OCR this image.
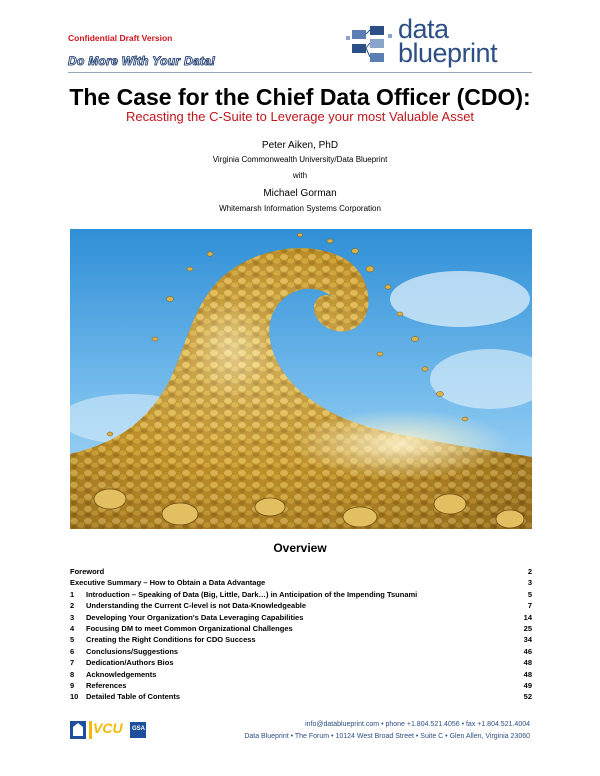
Confidential Draft Version
Do More With Your Data!
data
blueprint
The Case for the Chief Data Officer (CDO):
Recasting the C-Suite to Leverage your most Valuable Asset
Peter Aiken, PhD
Virginia Commonwealth University/Data Blueprint
with
Michael Gorman
Whitemarsh Information Systems Corporation
Overview
Foreword	2
Executive Summary – How to Obtain a Data Advantage	3
1 Introduction – Speaking of Data (Big, Little, Dark…) in Anticipation of the Impending Tsunami	5
2 Understanding the Current C-level is not Data-Knowledgeable	7
3 Developing Your Organization's Data Leveraging Capabilities	14
4 Focusing DM to meet Common Organizational Challenges	25
5 Creating the Right Conditions for CDO Success	34
6 Conclusions/Suggestions	46
7 Dedication/Authors Bios	48
8 Acknowledgements	48
9 References	49
10 Detailed Table of Contents	52
VCU GSA
info@datablueprint.com • phone +1.804.521.4056 • fax +1.804.521.4004
Data Blueprint • The Forum • 10124 West Broad Street • Suite C • Glen Allen, Virginia 23060
